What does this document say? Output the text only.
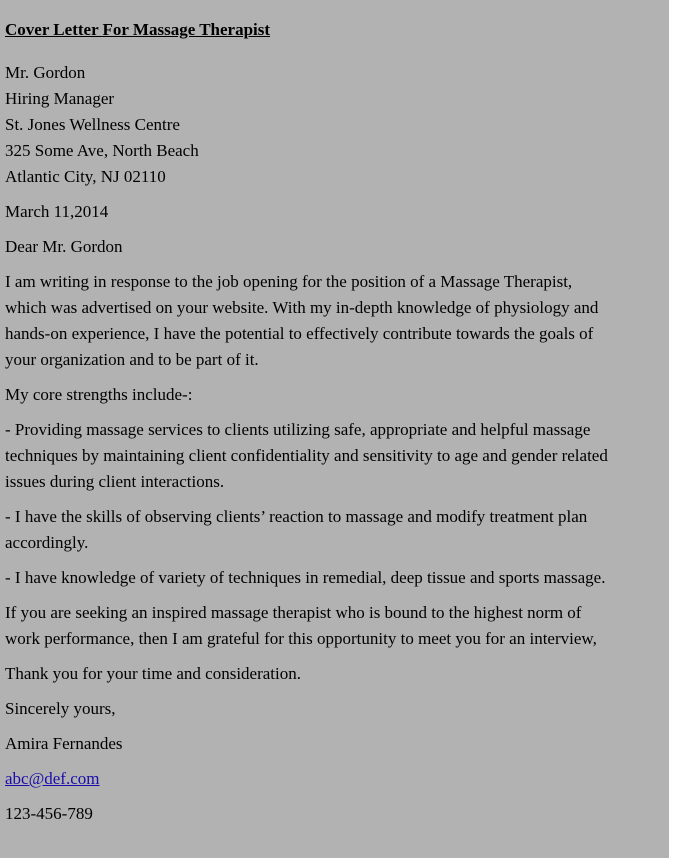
Cover Letter For Massage Therapist
Mr. Gordon
Hiring Manager
St. Jones Wellness Centre
325 Some Ave, North Beach
Atlantic City, NJ 02110
March 11,2014
Dear Mr. Gordon
I am writing in response to the job opening for the position of a Massage Therapist,
which was advertised on your website. With my in-depth knowledge of physiology and
hands-on experience, I have the potential to effectively contribute towards the goals of
your organization and to be part of it.
My core strengths include-:
- Providing massage services to clients utilizing safe, appropriate and helpful massage
techniques by maintaining client confidentiality and sensitivity to age and gender related
issues during client interactions.
- I have the skills of observing clients’ reaction to massage and modify treatment plan
accordingly.
- I have knowledge of variety of techniques in remedial, deep tissue and sports massage.
If you are seeking an inspired massage therapist who is bound to the highest norm of
work performance, then I am grateful for this opportunity to meet you for an interview,
Thank you for your time and consideration.
Sincerely yours,
Amira Fernandes
abc@def.com
123-456-789
